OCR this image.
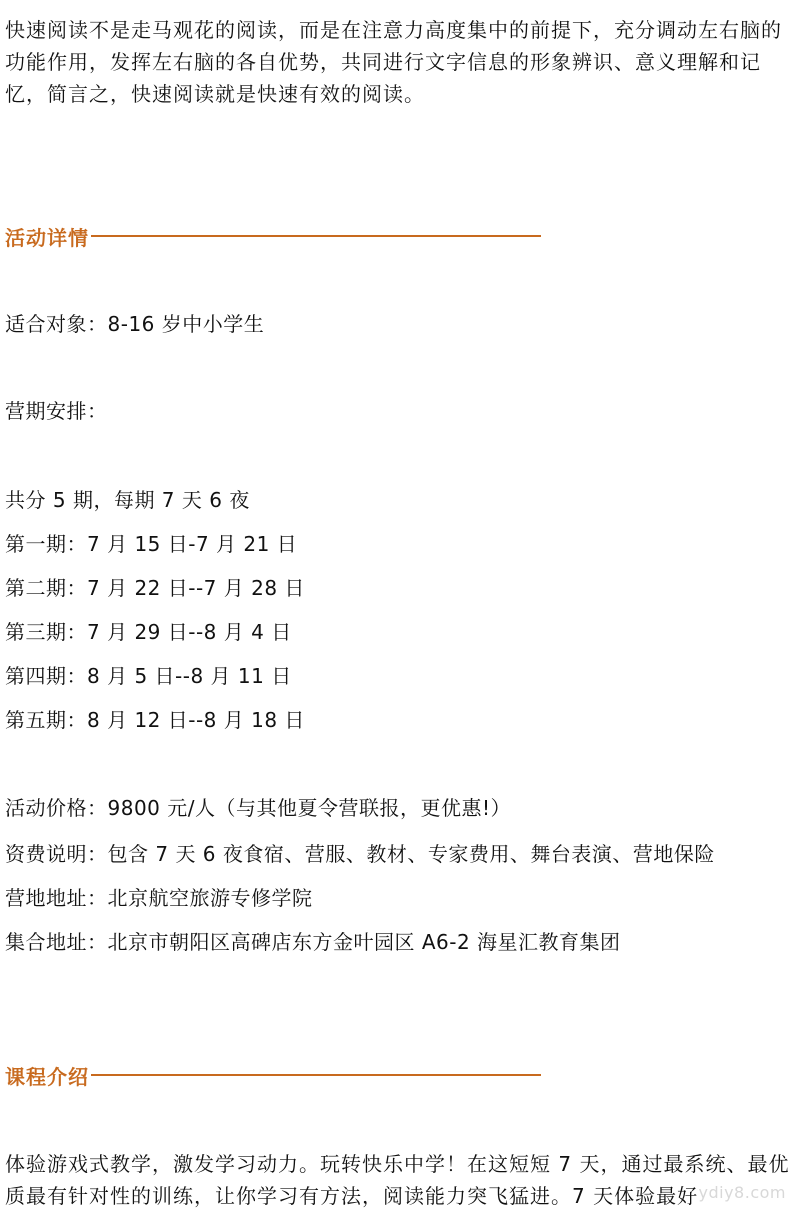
快速阅读不是走马观花的阅读，而是在注意力高度集中的前提下，充分调动左右脑的功能作用，发挥左右脑的各自优势，共同进行文字信息的形象辨识、意义理解和记忆，简言之，快速阅读就是快速有效的阅读。

活动详情

适合对象：8-16 岁中小学生

营期安排：

共分 5 期，每期 7 天 6 夜

第一期：7 月 15 日-7 月 21 日

第二期：7 月 22 日--7 月 28 日

第三期：7 月 29 日--8 月 4 日

第四期：8 月 5 日--8 月 11 日

第五期：8 月 12 日--8 月 18 日

活动价格：9800 元/人（与其他夏令营联报，更优惠!）

资费说明：包含 7 天 6 夜食宿、营服、教材、专家费用、舞台表演、营地保险

营地地址：北京航空旅游专修学院

集合地址：北京市朝阳区高碑店东方金叶园区 A6-2 海星汇教育集团

课程介绍

体验游戏式教学，激发学习动力。玩转快乐中学！在这短短 7 天，通过最系统、最优质最有针对性的训练，让你学习有方法，阅读能力突飞猛进。7 天体验最好 ydiy8.com
